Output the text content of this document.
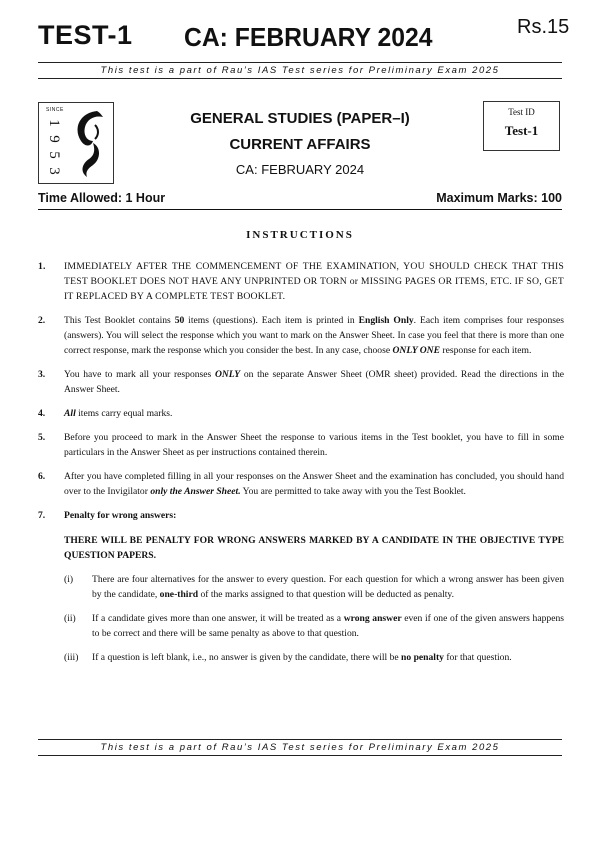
TEST-1 CA: FEBRUARY 2024	Rs.15
This test is a part of Rau’s IAS Test series for Preliminary Exam 2025
SINCE
1
9
5
3
GENERAL STUDIES (PAPER–I)
CURRENT AFFAIRS
CA: FEBRUARY 2024
Test ID
Test-1
Time Allowed: 1 Hour	Maximum Marks: 100
INSTRUCTIONS
1. IMMEDIATELY AFTER THE COMMENCEMENT OF THE EXAMINATION, YOU SHOULD CHECK THAT THIS TEST BOOKLET DOES NOT HAVE ANY UNPRINTED OR TORN or MISSING PAGES OR ITEMS, ETC. IF SO, GET IT REPLACED BY A COMPLETE TEST BOOKLET.
2. This Test Booklet contains 50 items (questions). Each item is printed in English Only. Each item comprises four responses (answers). You will select the response which you want to mark on the Answer Sheet. In case you feel that there is more than one correct response, mark the response which you consider the best. In any case, choose ONLY ONE response for each item.
3. You have to mark all your responses ONLY on the separate Answer Sheet (OMR sheet) provided. Read the directions in the Answer Sheet.
4. All items carry equal marks.
5. Before you proceed to mark in the Answer Sheet the response to various items in the Test booklet, you have to fill in some particulars in the Answer Sheet as per instructions contained therein.
6. After you have completed filling in all your responses on the Answer Sheet and the examination has concluded, you should hand over to the Invigilator only the Answer Sheet. You are permitted to take away with you the Test Booklet.
7. Penalty for wrong answers:
THERE WILL BE PENALTY FOR WRONG ANSWERS MARKED BY A CANDIDATE IN THE OBJECTIVE TYPE QUESTION PAPERS.
(i) There are four alternatives for the answer to every question. For each question for which a wrong answer has been given by the candidate, one-third of the marks assigned to that question will be deducted as penalty.
(ii) If a candidate gives more than one answer, it will be treated as a wrong answer even if one of the given answers happens to be correct and there will be same penalty as above to that question.
(iii) If a question is left blank, i.e., no answer is given by the candidate, there will be no penalty for that question.
This test is a part of Rau’s IAS Test series for Preliminary Exam 2025
